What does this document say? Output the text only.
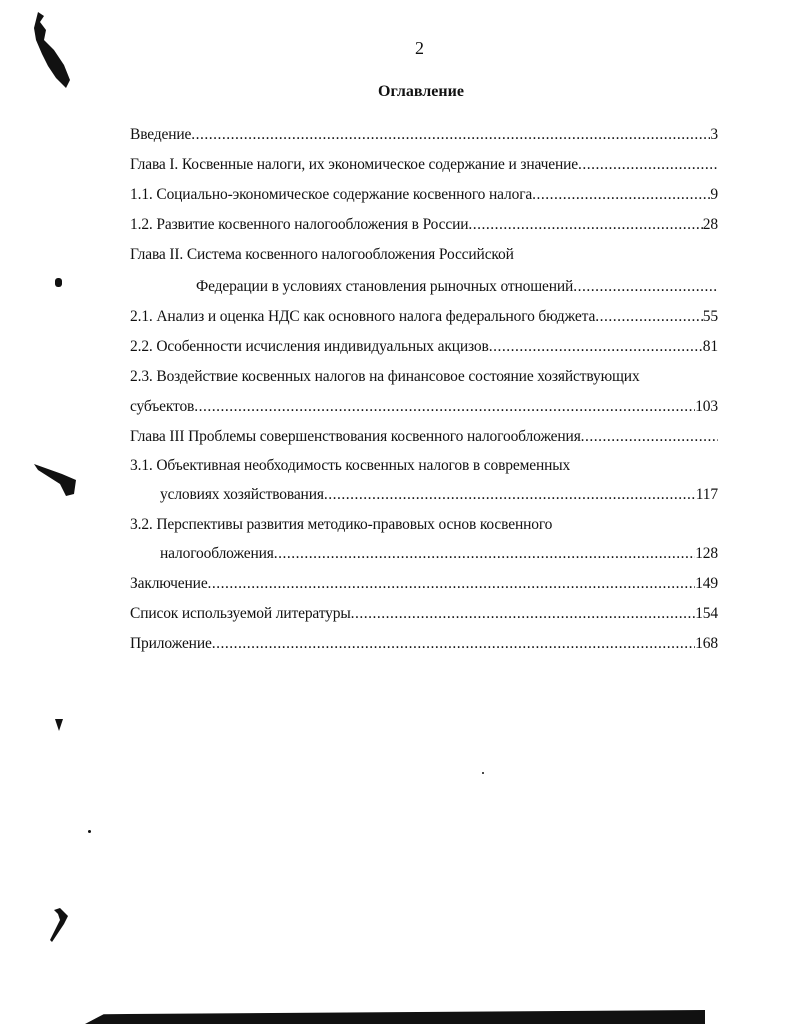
2
Оглавление
Введение .....	3
Глава I. Косвенные налоги, их экономическое содержание и значение
.....
1.1. Социально-экономическое содержание косвенного налога .....	9
1.2. Развитие косвенного налогообложения в России .....	28
Глава II. Система косвенного налогообложения Российской
Федерации в условиях становления рыночных отношений
.....
2.1. Анализ и оценка НДС как основного налога федерального бюджета .....	55
2.2. Особенности исчисления индивидуальных акцизов .....	81
2.3. Воздействие косвенных налогов на финансовое состояние хозяйствующих
субъектов .....	103
Глава III Проблемы совершенствования косвенного налогообложения
.....
3.1. Объективная необходимость косвенных налогов в современных
условиях хозяйствования .....	117
3.2. Перспективы развития методико-правовых основ косвенного
налогообложения .....	128
Заключение .....	149
Список используемой литературы .....	154
Приложение .....	168
